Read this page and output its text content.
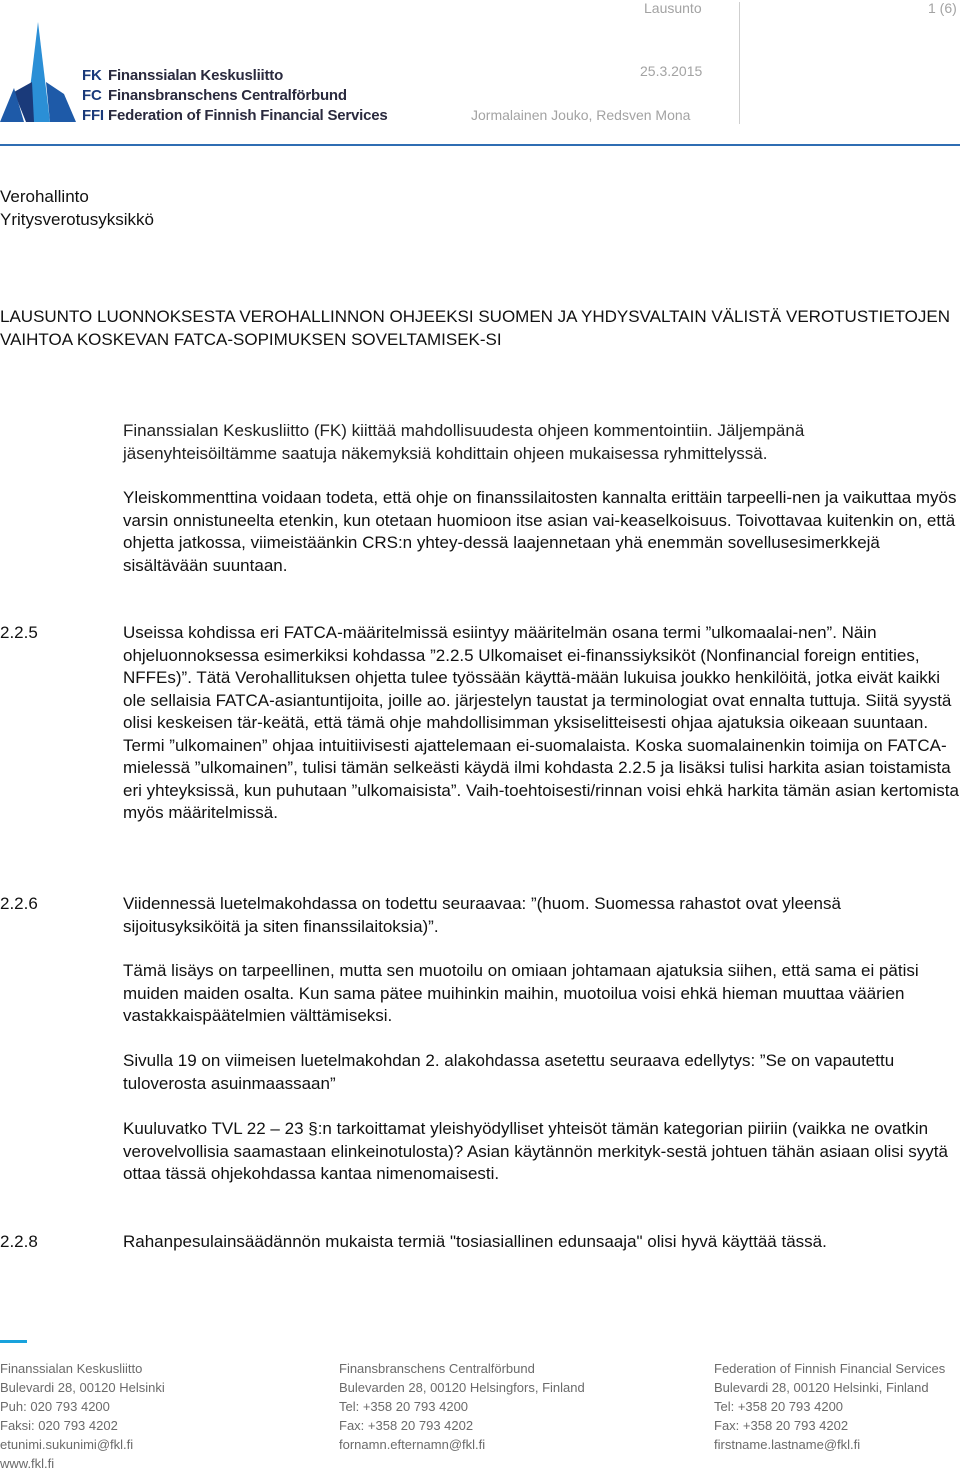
FK Finanssialan Keskusliitto
FC Finansbranschens Centralförbund
FFI Federation of Finnish Financial Services
Lausunto	1 (6)
25.3.2015
Jormalainen Jouko, Redsven Mona
Verohallinto
Yritysverotusyksikkö
LAUSUNTO LUONNOKSESTA VEROHALLINNON OHJEEKSI SUOMEN JA YHDYSVALTAIN VÄLISTÄ VEROTUSTIETOJEN VAIHTOA KOSKEVAN FATCA-SOPIMUKSEN SOVELTAMISEK-SI

Finanssialan Keskusliitto (FK) kiittää mahdollisuudesta ohjeen kommentointiin. Jäljempänä jäsenyhteisöiltämme saatuja näkemyksiä kohdittain ohjeen mukaisessa ryhmittelyssä.

Yleiskommenttina voidaan todeta, että ohje on finanssilaitosten kannalta erittäin tarpeelli-nen ja vaikuttaa myös varsin onnistuneelta etenkin, kun otetaan huomioon itse asian vai-keaselkoisuus. Toivottavaa kuitenkin on, että ohjetta jatkossa, viimeistäänkin CRS:n yhtey-dessä laajennetaan yhä enemmän sovellusesimerkkejä sisältävään suuntaan.

2.2.5	Useissa kohdissa eri FATCA-määritelmissä esiintyy määritelmän osana termi ”ulkomaalai-nen”. Näin ohjeluonnoksessa esimerkiksi kohdassa ”2.2.5 Ulkomaiset ei-finanssiyksiköt (Nonfinancial foreign entities, NFFEs)”. Tätä Verohallituksen ohjetta tulee työssään käyttä-mään lukuisa joukko henkilöitä, jotka eivät kaikki ole sellaisia FATCA-asiantuntijoita, joille ao. järjestelyn taustat ja terminologiat ovat ennalta tuttuja. Siitä syystä olisi keskeisen tär-keätä, että tämä ohje mahdollisimman yksiselitteisesti ohjaa ajatuksia oikeaan suuntaan. Termi ”ulkomainen” ohjaa intuitiivisesti ajattelemaan ei-suomalaista. Koska suomalainenkin toimija on FATCA-mielessä ”ulkomainen”, tulisi tämän selkeästi käydä ilmi kohdasta 2.2.5 ja lisäksi tulisi harkita asian toistamista eri yhteyksissä, kun puhutaan ”ulkomaisista”. Vaih-toehtoisesti/rinnan voisi ehkä harkita tämän asian kertomista myös määritelmissä.

2.2.6	Viidennessä luetelmakohdassa on todettu seuraavaa: ”(huom. Suomessa rahastot ovat yleensä sijoitusyksiköitä ja siten finanssilaitoksia)”.

Tämä lisäys on tarpeellinen, mutta sen muotoilu on omiaan johtamaan ajatuksia siihen, että sama ei pätisi muiden maiden osalta. Kun sama pätee muihinkin maihin, muotoilua voisi ehkä hieman muuttaa väärien vastakkaispäätelmien välttämiseksi.

Sivulla 19 on viimeisen luetelmakohdan 2. alakohdassa asetettu seuraava edellytys: ”Se on vapautettu tuloverosta asuinmaassaan”

Kuuluvatko TVL 22 – 23 §:n tarkoittamat yleishyödylliset yhteisöt tämän kategorian piiriin (vaikka ne ovatkin verovelvollisia saamastaan elinkeinotulosta)? Asian käytännön merkityk-sestä johtuen tähän asiaan olisi syytä ottaa tässä ohjekohdassa kantaa nimenomaisesti.

2.2.8	Rahanpesulainsäädännön mukaista termiä "tosiasiallinen edunsaaja" olisi hyvä käyttää tässä.

Finanssialan Keskusliitto
Bulevardi 28, 00120 Helsinki
Puh: 020 793 4200
Faksi: 020 793 4202
etunimi.sukunimi@fkl.fi
www.fkl.fi
Finansbranschens Centralförbund
Bulevarden 28, 00120 Helsingfors, Finland
Tel: +358 20 793 4200
Fax: +358 20 793 4202
fornamn.efternamn@fkl.fi
Federation of Finnish Financial Services
Bulevardi 28, 00120 Helsinki, Finland
Tel: +358 20 793 4200
Fax: +358 20 793 4202
firstname.lastname@fkl.fi
